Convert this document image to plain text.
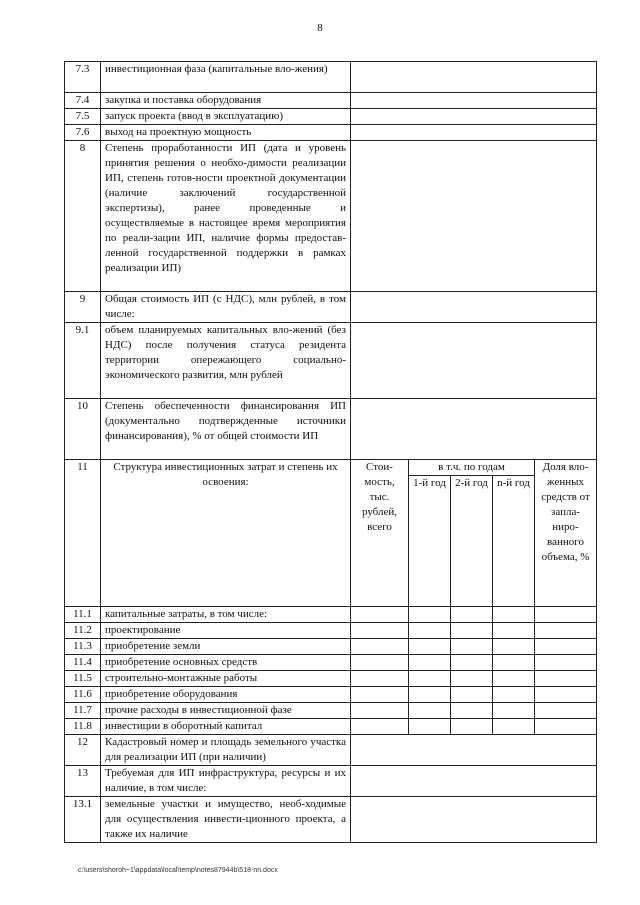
8
7.3	инвестиционная фаза (капитальные вло-жения)					
7.4	закупка и поставка оборудования					
7.5	запуск проекта (ввод в эксплуатацию)					
7.6	выход на проектную мощность					
8	Степень проработанности ИП (дата и уровень принятия решения о необхо-димости реализации ИП, степень готов-ности проектной документации (наличие заключений государственной экспертизы), ранее проведенные и осуществляемые в настоящее время мероприятия по реали-зации ИП, наличие формы предостав-ленной государственной поддержки в рамках реализации ИП)					
9	Общая стоимость ИП (с НДС), млн рублей, в том числе:					
9.1	объем планируемых капитальных вло-жений (без НДС) после получения статуса резидента территории опережающего социально-экономического развития, млн рублей					
10	Степень обеспеченности финансирования ИП (документально подтвержденные источники финансирования), % от общей стоимости ИП					
11	Структура инвестиционных затрат и степень их освоения:	Стои-мость, тыс. рублей, всего	в т.ч. по годам			Доля вло-женных средств от запла-ниро-ванного объема, %
			1-й год	2-й год	n-й год	
11.1	капитальные затраты, в том числе:					
11.2	проектирование					
11.3	приобретение земли					
11.4	приобретение основных средств					
11.5	строительно-монтажные работы					
11.6	приобретение оборудования					
11.7	прочие расходы в инвестиционной фазе					
11.8	инвестиции в оборотный капитал					
12	Кадастровый номер и площадь земельного участка для реализации ИП (при наличии)					
13	Требуемая для ИП инфраструктура, ресурсы и их наличие, в том числе:					
13.1	земельные участки и имущество, необ-ходимые для осуществления инвести-ционного проекта, а также их наличие					
c:\users\shoroh~1\appdata\local\temp\notes87944b\518-nn.docx
